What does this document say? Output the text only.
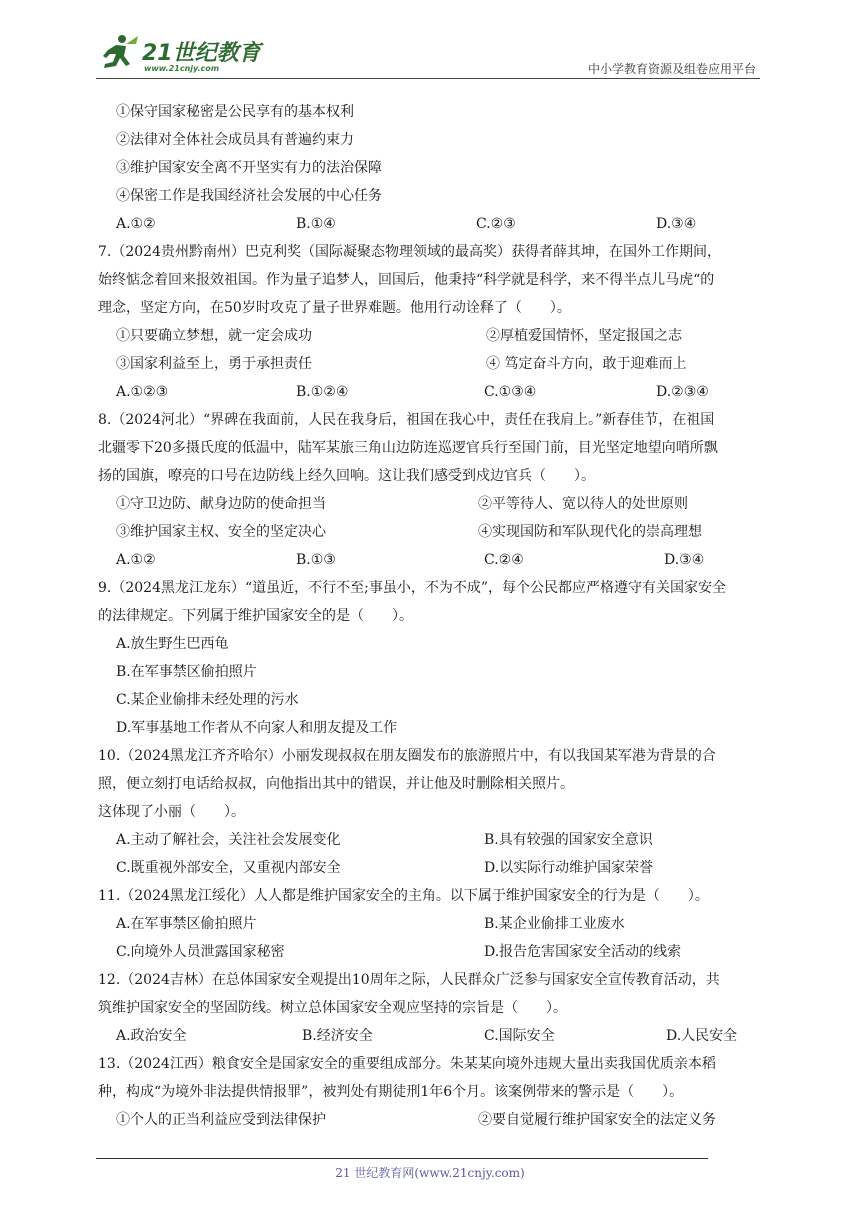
21世纪教育
www.21cnjy.com	中小学教育资源及组卷应用平台
①保守国家秘密是公民享有的基本权利
②法律对全体社会成员具有普遍约束力
③维护国家安全离不开坚实有力的法治保障
④保密工作是我国经济社会发展的中心任务
A.①②	B.①④	C.②③	D.③④
7.（2024贵州黔南州）巴克利奖（国际凝聚态物理领域的最高奖）获得者薛其坤，在国外工作期间，
始终惦念着回来报效祖国。作为量子追梦人，回国后，他秉持“科学就是科学，来不得半点儿马虎“的
理念，坚定方向，在50岁时攻克了量子世界难题。他用行动诠释了（　　）。
①只要确立梦想，就一定会成功	②厚植爱国情怀，坚定报国之志
③国家利益至上，勇于承担责任	④ 笃定奋斗方向，敢于迎难而上
A.①②③	B.①②④	C.①③④	D.②③④
8.（2024河北）“界碑在我面前，人民在我身后，祖国在我心中，责任在我肩上。”新春佳节，在祖国
北疆零下20多摄氏度的低温中，陆军某旅三角山边防连巡逻官兵行至国门前，目光坚定地望向哨所飘
扬的国旗，嘹亮的口号在边防线上经久回响。这让我们感受到戍边官兵（　　）。
①守卫边防、献身边防的使命担当	②平等待人、宽以待人的处世原则
③维护国家主权、安全的坚定决心	④实现国防和军队现代化的崇高理想
A.①②	B.①③	C.②④	D.③④
9.（2024黑龙江龙东）“道虽近，不行不至;事虽小，不为不成”，每个公民都应严格遵守有关国家安全
的法律规定。下列属于维护国家安全的是（　　）。
A.放生野生巴西龟
B.在军事禁区偷拍照片
C.某企业偷排未经处理的污水
D.军事基地工作者从不向家人和朋友提及工作
10.（2024黑龙江齐齐哈尔）小丽发现叔叔在朋友圈发布的旅游照片中，有以我国某军港为背景的合
照，便立刻打电话给叔叔，向他指出其中的错误，并让他及时删除相关照片。
这体现了小丽（　　）。
A.主动了解社会，关注社会发展变化	B.具有较强的国家安全意识
C.既重视外部安全，又重视内部安全	D.以实际行动维护国家荣誉
11.（2024黑龙江绥化）人人都是维护国家安全的主角。以下属于维护国家安全的行为是（　　）。
A.在军事禁区偷拍照片	B.某企业偷排工业废水
C.向境外人员泄露国家秘密	D.报告危害国家安全活动的线索
12.（2024吉林）在总体国家安全观提出10周年之际，人民群众广泛参与国家安全宣传教育活动，共
筑维护国家安全的坚固防线。树立总体国家安全观应坚持的宗旨是（　　）。
A.政治安全	B.经济安全	C.国际安全	D.人民安全
13.（2024江西）粮食安全是国家安全的重要组成部分。朱某某向境外违规大量出卖我国优质亲本稻
种，构成“为境外非法提供情报罪”，被判处有期徒刑1年6个月。该案例带来的警示是（　　）。
①个人的正当利益应受到法律保护	②要自觉履行维护国家安全的法定义务
21 世纪教育网(www.21cnjy.com)
